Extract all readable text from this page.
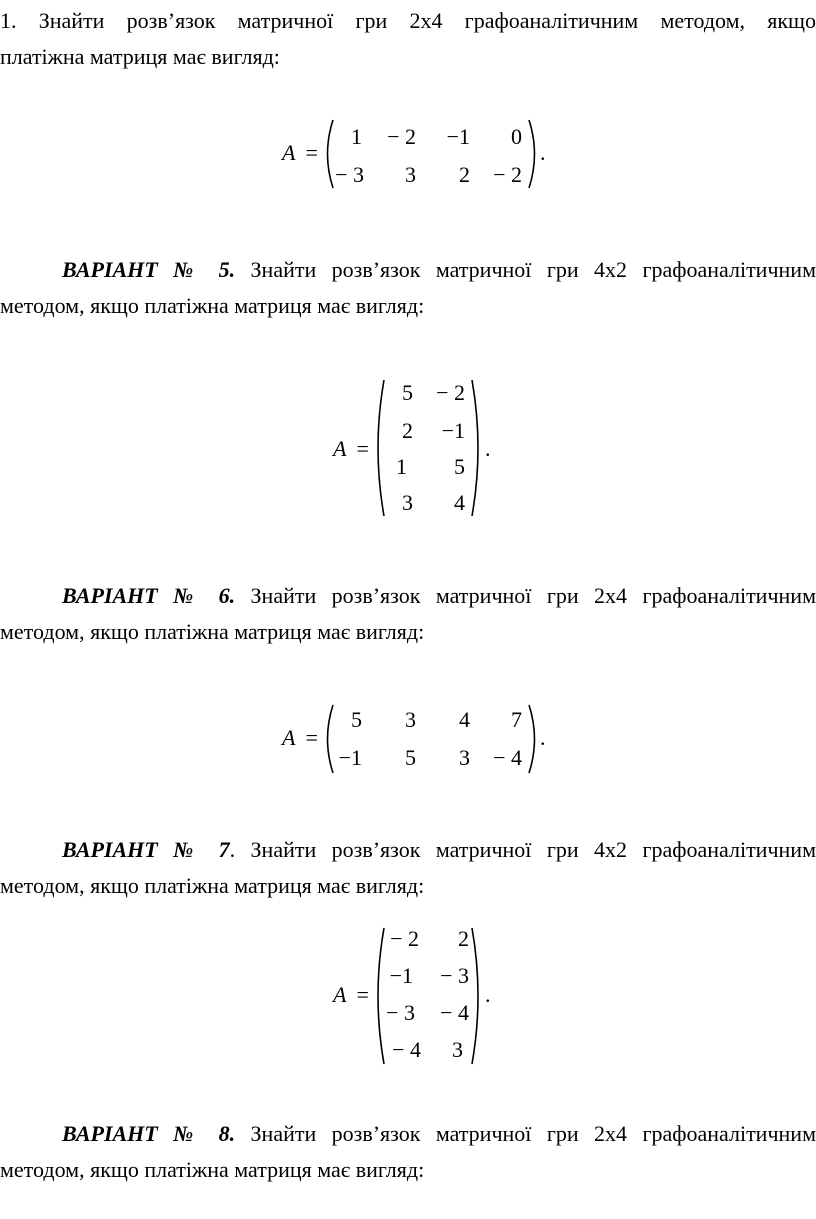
1. Знайти розв’язок матричної гри 2х4 графоаналітичним методом, якщо
платіжна матриця має вигляд:
A =
1	− 2	−1	0
− 3	3	2	− 2
.
ВАРІАНТ № 5. Знайти розв’язок матричної гри 4х2 графоаналітичним
методом, якщо платіжна матриця має вигляд:
A =
5	− 2
2	−1
1	5
3	4
.
ВАРІАНТ № 6. Знайти розв’язок матричної гри 2х4 графоаналітичним
методом, якщо платіжна матриця має вигляд:
A =
5	3	4	7
−1	5	3	− 4
.
ВАРІАНТ № 7. Знайти розв’язок матричної гри 4х2 графоаналітичним
методом, якщо платіжна матриця має вигляд:
A =
− 2	2
−1	− 3
− 3	− 4
− 4	3
.
ВАРІАНТ № 8. Знайти розв’язок матричної гри 2х4 графоаналітичним
методом, якщо платіжна матриця має вигляд:
